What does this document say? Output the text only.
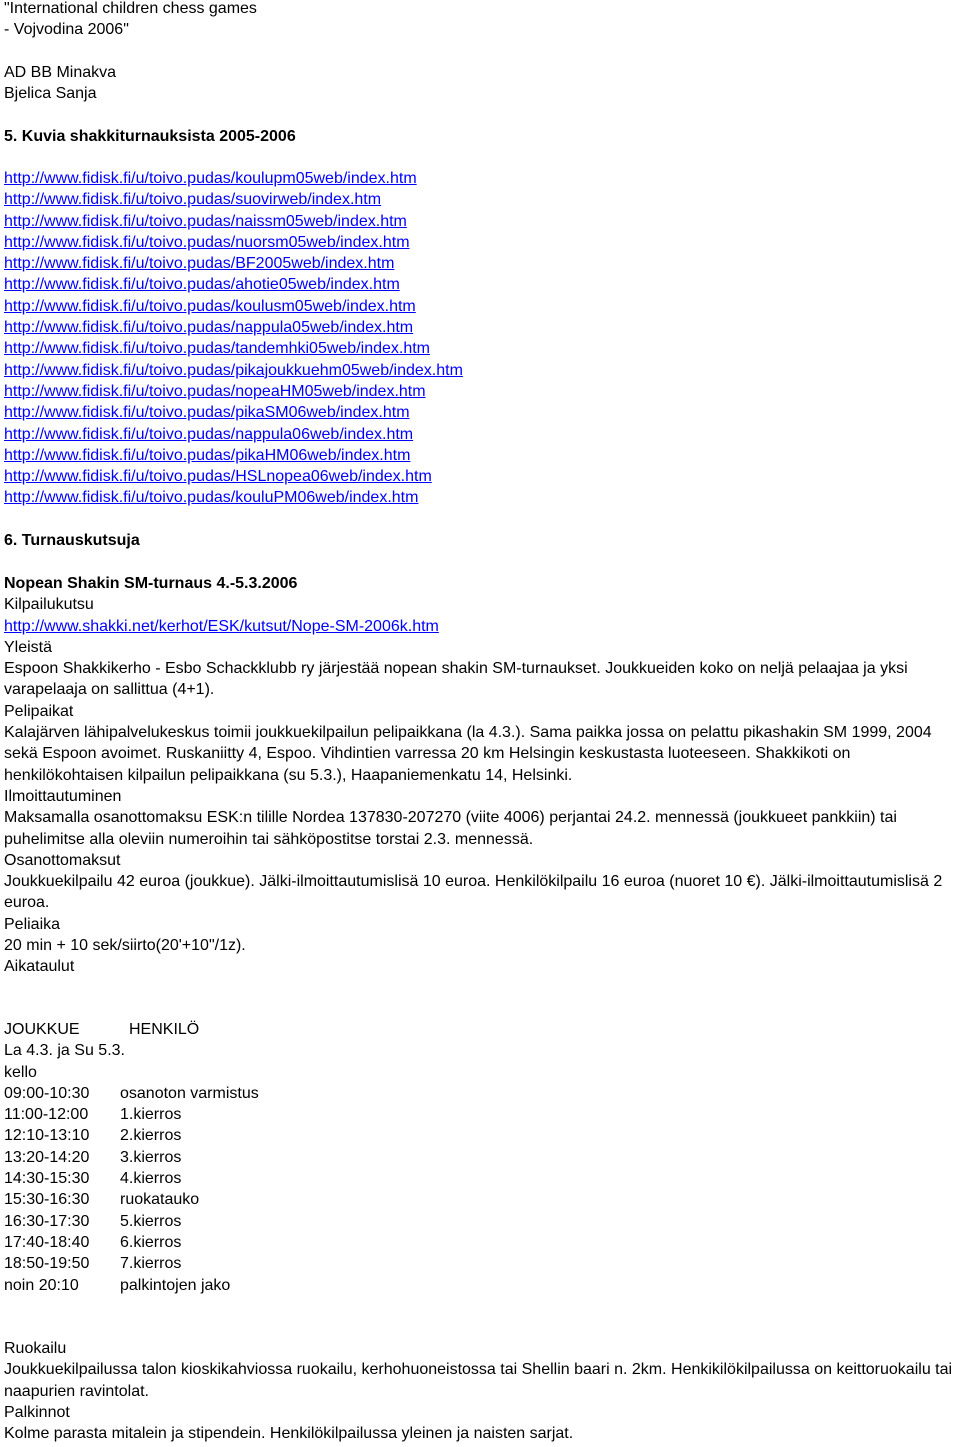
"International children chess games
- Vojvodina 2006"
AD BB Minakva
Bjelica Sanja
5. Kuvia shakkiturnauksista 2005-2006
http://www.fidisk.fi/u/toivo.pudas/koulupm05web/index.htm
http://www.fidisk.fi/u/toivo.pudas/suovirweb/index.htm
http://www.fidisk.fi/u/toivo.pudas/naissm05web/index.htm
http://www.fidisk.fi/u/toivo.pudas/nuorsm05web/index.htm
http://www.fidisk.fi/u/toivo.pudas/BF2005web/index.htm
http://www.fidisk.fi/u/toivo.pudas/ahotie05web/index.htm
http://www.fidisk.fi/u/toivo.pudas/koulusm05web/index.htm
http://www.fidisk.fi/u/toivo.pudas/nappula05web/index.htm
http://www.fidisk.fi/u/toivo.pudas/tandemhki05web/index.htm
http://www.fidisk.fi/u/toivo.pudas/pikajoukkuehm05web/index.htm
http://www.fidisk.fi/u/toivo.pudas/nopeaHM05web/index.htm
http://www.fidisk.fi/u/toivo.pudas/pikaSM06web/index.htm
http://www.fidisk.fi/u/toivo.pudas/nappula06web/index.htm
http://www.fidisk.fi/u/toivo.pudas/pikaHM06web/index.htm
http://www.fidisk.fi/u/toivo.pudas/HSLnopea06web/index.htm
http://www.fidisk.fi/u/toivo.pudas/kouluPM06web/index.htm
6. Turnauskutsuja
Nopean Shakin SM-turnaus 4.-5.3.2006
Kilpailukutsu
http://www.shakki.net/kerhot/ESK/kutsut/Nope-SM-2006k.htm
Yleistä
Espoon Shakkikerho - Esbo Schackklubb ry järjestää nopean shakin SM-turnaukset. Joukkueiden koko on neljä pelaajaa ja yksi varapelaaja on sallittua (4+1).
Pelipaikat
Kalajärven lähipalvelukeskus toimii joukkuekilpailun pelipaikkana (la 4.3.). Sama paikka jossa on pelattu pikashakin SM 1999, 2004 sekä Espoon avoimet. Ruskaniitty 4, Espoo. Vihdintien varressa 20 km Helsingin keskustasta luoteeseen. Shakkikoti on henkilökohtaisen kilpailun pelipaikkana (su 5.3.), Haapaniemenkatu 14, Helsinki.
Ilmoittautuminen
Maksamalla osanottomaksu ESK:n tilille Nordea 137830-207270 (viite 4006) perjantai 24.2. mennessä (joukkueet pankkiin) tai puhelimitse alla oleviin numeroihin tai sähköpostitse torstai 2.3. mennessä.
Osanottomaksut
Joukkuekilpailu 42 euroa (joukkue). Jälki-ilmoittautumislisä 10 euroa. Henkilökilpailu 16 euroa (nuoret 10 €). Jälki-ilmoittautumislisä 2 euroa.
Peliaika
20 min + 10 sek/siirto(20'+10"/1z).
Aikataulut
JOUKKUE	HENKILÖ
La 4.3. ja Su 5.3.
kello
09:00-10:30	osanoton varmistus
11:00-12:00	1.kierros
12:10-13:10	2.kierros
13:20-14:20	3.kierros
14:30-15:30	4.kierros
15:30-16:30	ruokatauko
16:30-17:30	5.kierros
17:40-18:40	6.kierros
18:50-19:50	7.kierros
noin 20:10	palkintojen jako
Ruokailu
Joukkuekilpailussa talon kioskikahviossa ruokailu, kerhohuoneistossa tai Shellin baari n. 2km. Henkikilökilpailussa on keittoruokailu tai naapurien ravintolat.
Palkinnot
Kolme parasta mitalein ja stipendein. Henkilökilpailussa yleinen ja naisten sarjat.
